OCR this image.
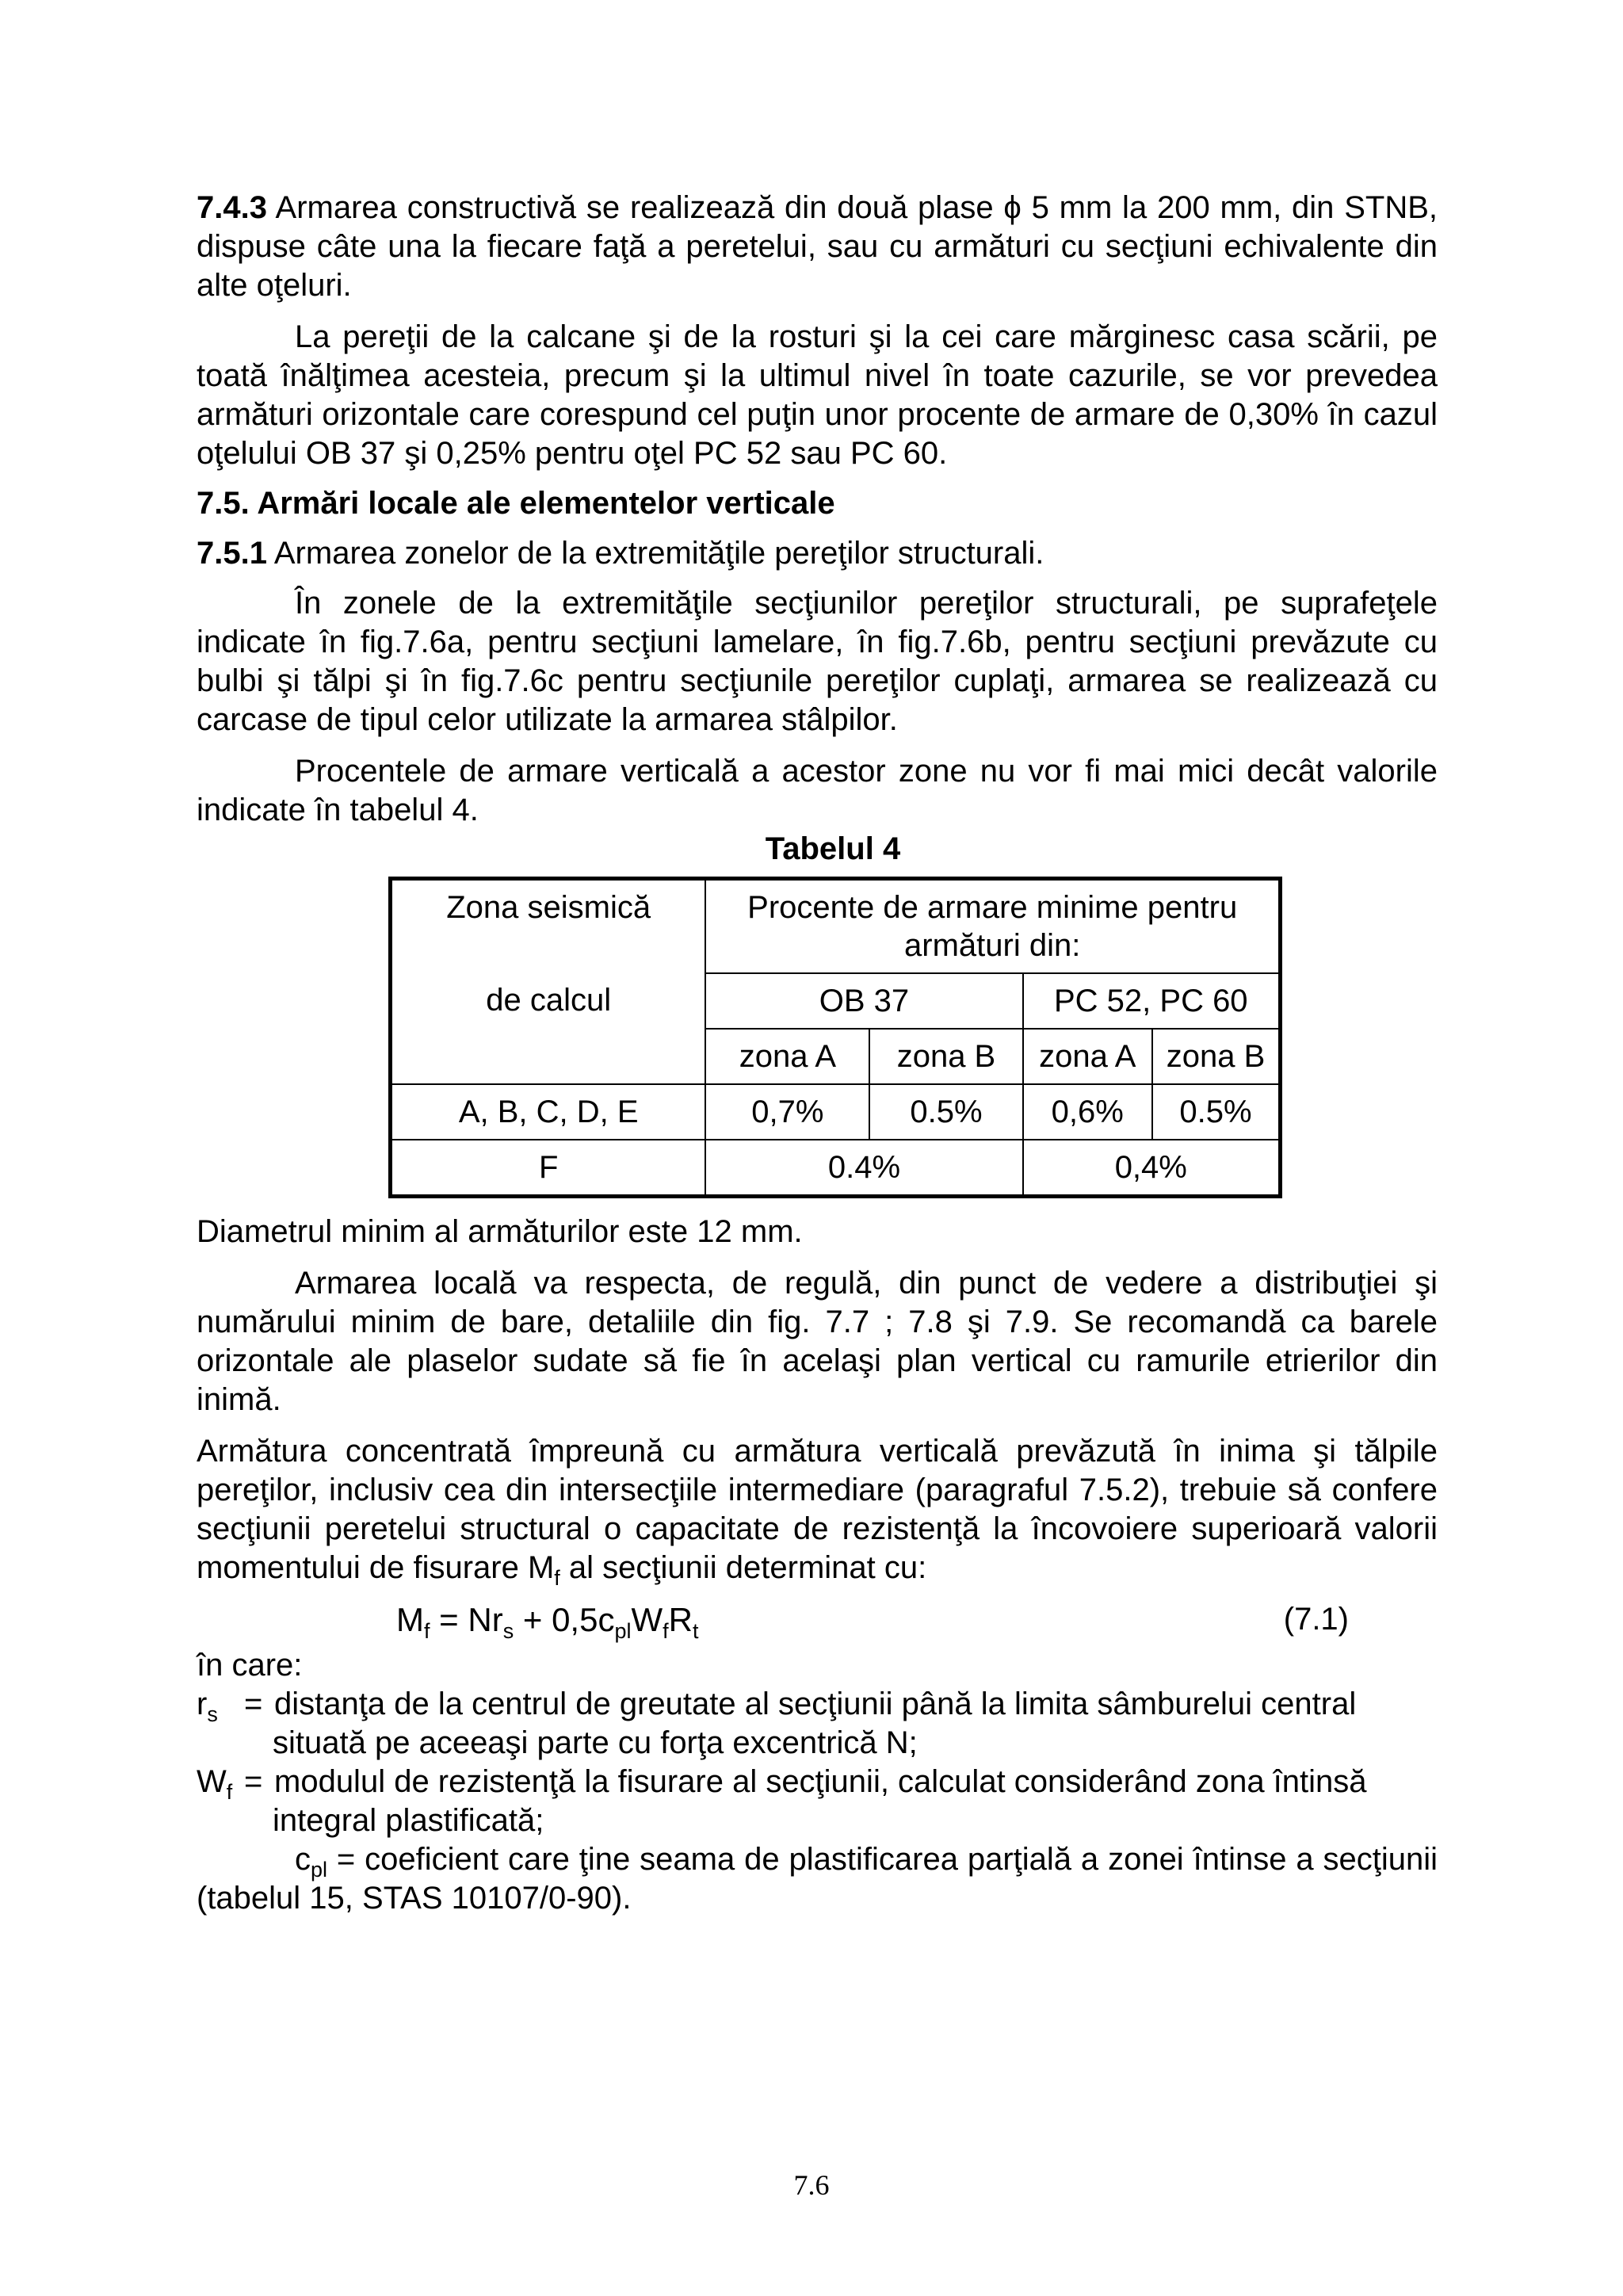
7.4.3 Armarea constructivă se realizează din două plase ϕ 5 mm la 200 mm, din STNB, dispuse câte una la fiecare faţă a peretelui, sau cu armături cu secţiuni echivalente din alte oţeluri.

La pereţii de la calcane şi de la rosturi şi la cei care mărginesc casa scării, pe toată înălţimea acesteia, precum şi la ultimul nivel în toate cazurile, se vor prevedea armături orizontale care corespund cel puţin unor procente de armare de 0,30% în cazul oţelului OB 37 şi 0,25% pentru oţel PC 52 sau PC 60.

7.5. Armări locale ale elementelor verticale

7.5.1 Armarea zonelor de la extremităţile pereţilor structurali.

În zonele de la extremităţile secţiunilor pereţilor structurali, pe suprafeţele indicate în fig.7.6a, pentru secţiuni lamelare, în fig.7.6b, pentru secţiuni prevăzute cu bulbi şi tălpi şi în fig.7.6c pentru secţiunile pereţilor cuplaţi, armarea se realizează cu carcase de tipul celor utilizate la armarea stâlpilor.

Procentele de armare verticală a acestor zone nu vor fi mai mici decât valorile indicate în tabelul 4.

Tabelul 4

Zona seismică	Procente de armare minime pentru armături din:			
de calcul	OB 37		PC 52, PC 60	
	zona A	zona B	zona A	zona B
A, B, C, D, E	0,7%	0.5%	0,6%	0.5%
F	0.4%		0,4%	

Diametrul minim al armăturilor este 12 mm.

Armarea locală va respecta, de regulă, din punct de vedere a distribuţiei şi numărului minim de bare, detaliile din fig. 7.7 ; 7.8 şi 7.9. Se recomandă ca barele orizontale ale plaselor sudate să fie în acelaşi plan vertical cu ramurile etrierilor din inimă.

Armătura concentrată împreună cu armătura verticală prevăzută în inima şi tălpile pereţilor, inclusiv cea din intersecţiile intermediare (paragraful 7.5.2), trebuie să confere secţiunii peretelui structural o capacitate de rezistenţă la încovoiere superioară valorii momentului de fisurare $M_f$ al secţiunii determinat cu:

$M_f = Nr_s + 0,5c_{pl}W_fR_t$	(7.1)

în care:

$r_s$ = distanţa de la centrul de greutate al secţiunii până la limita sâmburelui central

situată pe aceeaşi parte cu forţa excentrică N;

$W_f$ = modulul de rezistenţă la fisurare al secţiunii, calculat considerând zona întinsă

integral plastificată;

$c_{pl}$ = coeficient care ţine seama de plastificarea parţială a zonei întinse a secţiunii (tabelul 15, STAS 10107/0-90).

7.6
